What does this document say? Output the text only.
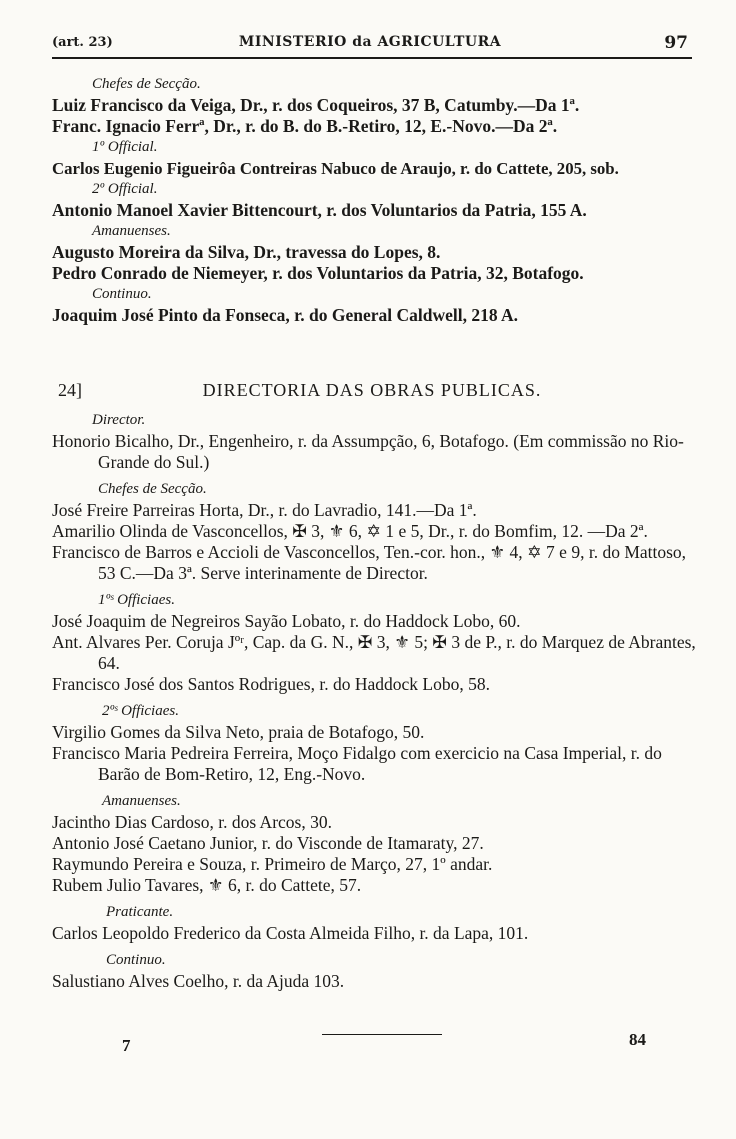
(art. 23)	MINISTERIO da AGRICULTURA	97
Chefes de Secção.
Luiz Francisco da Veiga, Dr., r. dos Coqueiros, 37 B, Catumby.—Da 1ª.
Franc. Ignacio Ferrª, Dr., r. do B. do B.-Retiro, 12, E.-Novo.—Da 2ª.
1º Official.
Carlos Eugenio Figueirôa Contreiras Nabuco de Araujo, r. do Cattete, 205, sob.
2º Official.
Antonio Manoel Xavier Bittencourt, r. dos Voluntarios da Patria, 155 A.
Amanuenses.
Augusto Moreira da Silva, Dr., travessa do Lopes, 8.
Pedro Conrado de Niemeyer, r. dos Voluntarios da Patria, 32, Botafogo.
Continuo.
Joaquim José Pinto da Fonseca, r. do General Caldwell, 218 A.
24]	DIRECTORIA DAS OBRAS PUBLICAS.
Director.
Honorio Bicalho, Dr., Engenheiro, r. da Assumpção, 6, Botafogo. (Em commissão no Rio-Grande do Sul.)
Chefes de Secção.
José Freire Parreiras Horta, Dr., r. do Lavradio, 141.—Da 1ª.
Amarilio Olinda de Vasconcellos, ✠ 3, ⚜ 6, ✡ 1 e 5, Dr., r. do Bomfim, 12. —Da 2ª.
Francisco de Barros e Accioli de Vasconcellos, Ten.-cor. hon., ⚜ 4, ✡ 7 e 9, r. do Mattoso, 53 C.—Da 3ª. Serve interinamente de Director.
1ºˢ Officiaes.
José Joaquim de Negreiros Sayão Lobato, r. do Haddock Lobo, 60.
Ant. Alvares Per. Coruja Jºʳ, Cap. da G. N., ✠ 3, ⚜ 5; ✠ 3 de P., r. do Marquez de Abrantes, 64.
Francisco José dos Santos Rodrigues, r. do Haddock Lobo, 58.
2ºˢ Officiaes.
Virgilio Gomes da Silva Neto, praia de Botafogo, 50.
Francisco Maria Pedreira Ferreira, Moço Fidalgo com exercicio na Casa Imperial, r. do Barão de Bom-Retiro, 12, Eng.-Novo.
Amanuenses.
Jacintho Dias Cardoso, r. dos Arcos, 30.
Antonio José Caetano Junior, r. do Visconde de Itamaraty, 27.
Raymundo Pereira e Souza, r. Primeiro de Março, 27, 1º andar.
Rubem Julio Tavares, ⚜ 6, r. do Cattete, 57.
Praticante.
Carlos Leopoldo Frederico da Costa Almeida Filho, r. da Lapa, 101.
Continuo.
Salustiano Alves Coelho, r. da Ajuda 103.
7	84
